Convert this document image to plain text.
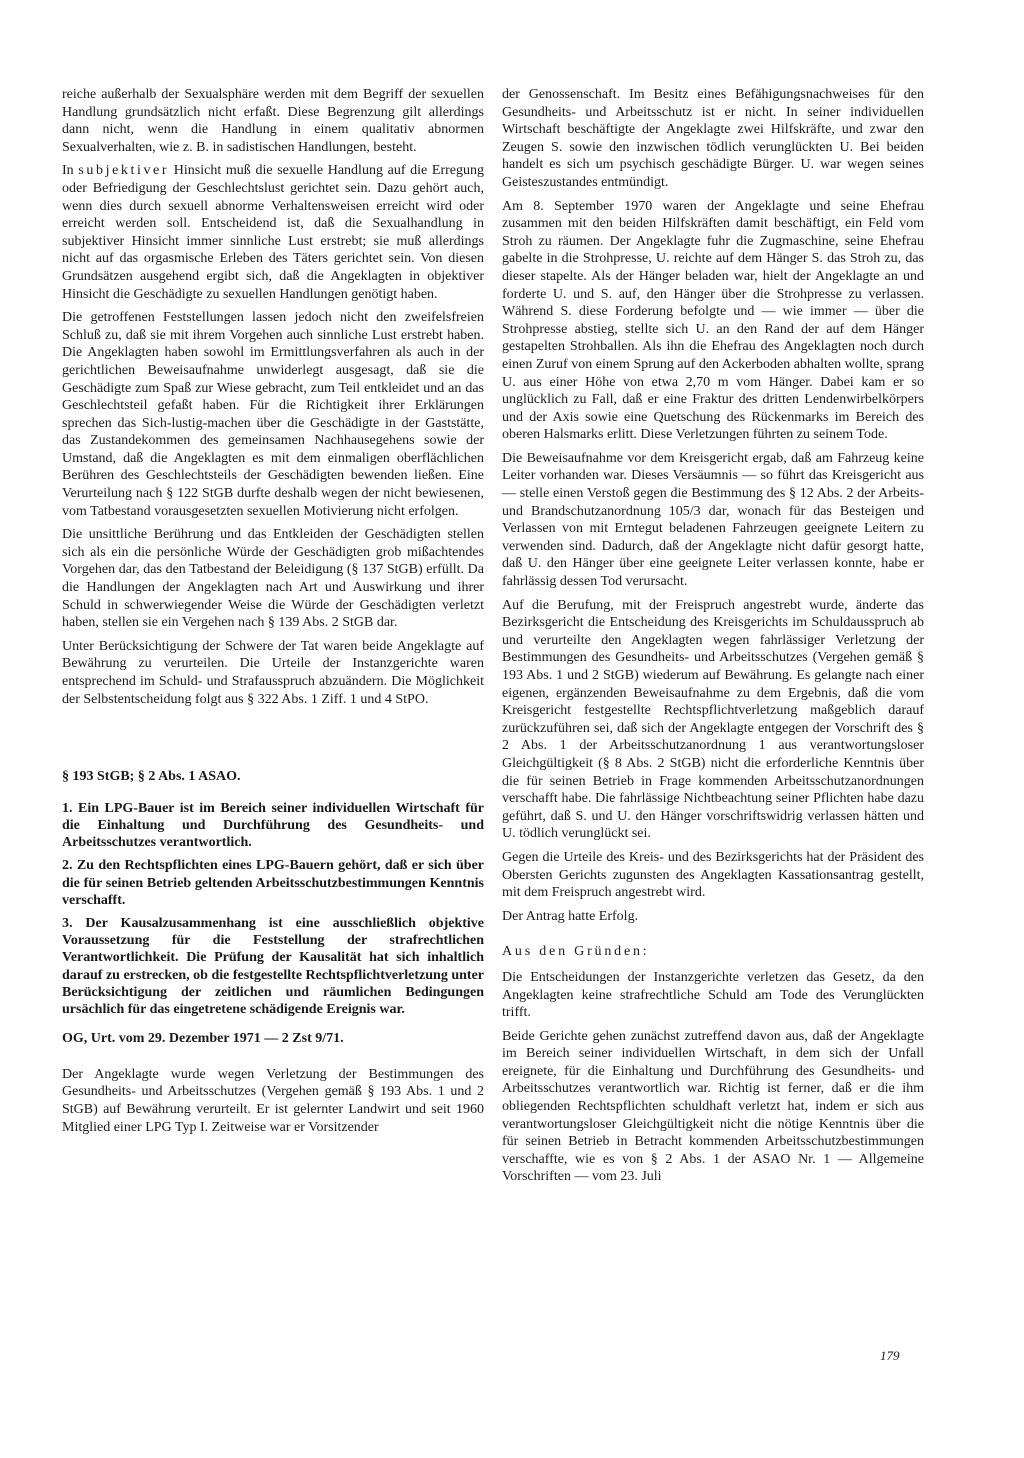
reiche außerhalb der Sexualsphäre werden mit dem Begriff der sexuellen Handlung grundsätzlich nicht erfaßt. Diese Begrenzung gilt allerdings dann nicht, wenn die Handlung in einem qualitativ abnormen Sexualverhalten, wie z. B. in sadistischen Handlungen, besteht.

In subjektiver Hinsicht muß die sexuelle Handlung auf die Erregung oder Befriedigung der Geschlechtslust gerichtet sein. Dazu gehört auch, wenn dies durch sexuell abnorme Verhaltensweisen erreicht wird oder erreicht werden soll. Entscheidend ist, daß die Sexualhandlung in subjektiver Hinsicht immer sinnliche Lust erstrebt; sie muß allerdings nicht auf das orgasmische Erleben des Täters gerichtet sein. Von diesen Grundsätzen ausgehend ergibt sich, daß die Angeklagten in objektiver Hinsicht die Geschädigte zu sexuellen Handlungen genötigt haben.

Die getroffenen Feststellungen lassen jedoch nicht den zweifelsfreien Schluß zu, daß sie mit ihrem Vorgehen auch sinnliche Lust erstrebt haben. Die Angeklagten haben sowohl im Ermittlungsverfahren als auch in der gerichtlichen Beweisaufnahme unwiderlegt ausgesagt, daß sie die Geschädigte zum Spaß zur Wiese gebracht, zum Teil entkleidet und an das Geschlechtsteil gefaßt haben. Für die Richtigkeit ihrer Erklärungen sprechen das Sich-lustig-machen über die Geschädigte in der Gaststätte, das Zustandekommen des gemeinsamen Nachhausegehens sowie der Umstand, daß die Angeklagten es mit dem einmaligen oberflächlichen Berühren des Geschlechtsteils der Geschädigten bewenden ließen. Eine Verurteilung nach § 122 StGB durfte deshalb wegen der nicht bewiesenen, vom Tatbestand vorausgesetzten sexuellen Motivierung nicht erfolgen.

Die unsittliche Berührung und das Entkleiden der Geschädigten stellen sich als ein die persönliche Würde der Geschädigten grob mißachtendes Vorgehen dar, das den Tatbestand der Beleidigung (§ 137 StGB) erfüllt. Da die Handlungen der Angeklagten nach Art und Auswirkung und ihrer Schuld in schwerwiegender Weise die Würde der Geschädigten verletzt haben, stellen sie ein Vergehen nach § 139 Abs. 2 StGB dar.

Unter Berücksichtigung der Schwere der Tat waren beide Angeklagte auf Bewährung zu verurteilen. Die Urteile der Instanzgerichte waren entsprechend im Schuld- und Strafausspruch abzuändern. Die Möglichkeit der Selbstentscheidung folgt aus § 322 Abs. 1 Ziff. 1 und 4 StPO.

§ 193 StGB; § 2 Abs. 1 ASAO.

1. Ein LPG-Bauer ist im Bereich seiner individuellen Wirtschaft für die Einhaltung und Durchführung des Gesundheits- und Arbeitsschutzes verantwortlich.

2. Zu den Rechtspflichten eines LPG-Bauern gehört, daß er sich über die für seinen Betrieb geltenden Arbeitsschutzbestimmungen Kenntnis verschafft.

3. Der Kausalzusammenhang ist eine ausschließlich objektive Voraussetzung für die Feststellung der strafrechtlichen Verantwortlichkeit. Die Prüfung der Kausalität hat sich inhaltlich darauf zu erstrecken, ob die festgestellte Rechtspflichtverletzung unter Berücksichtigung der zeitlichen und räumlichen Bedingungen ursächlich für das eingetretene schädigende Ereignis war.

OG, Urt. vom 29. Dezember 1971 — 2 Zst 9/71.

Der Angeklagte wurde wegen Verletzung der Bestimmungen des Gesundheits- und Arbeitsschutzes (Vergehen gemäß § 193 Abs. 1 und 2 StGB) auf Bewährung verurteilt. Er ist gelernter Landwirt und seit 1960 Mitglied einer LPG Typ I. Zeitweise war er Vorsitzender

der Genossenschaft. Im Besitz eines Befähigungsnachweises für den Gesundheits- und Arbeitsschutz ist er nicht. In seiner individuellen Wirtschaft beschäftigte der Angeklagte zwei Hilfskräfte, und zwar den Zeugen S. sowie den inzwischen tödlich verunglückten U. Bei beiden handelt es sich um psychisch geschädigte Bürger. U. war wegen seines Geisteszustandes entmündigt.

Am 8. September 1970 waren der Angeklagte und seine Ehefrau zusammen mit den beiden Hilfskräften damit beschäftigt, ein Feld vom Stroh zu räumen. Der Angeklagte fuhr die Zugmaschine, seine Ehefrau gabelte in die Strohpresse, U. reichte auf dem Hänger S. das Stroh zu, das dieser stapelte. Als der Hänger beladen war, hielt der Angeklagte an und forderte U. und S. auf, den Hänger über die Strohpresse zu verlassen. Während S. diese Forderung befolgte und — wie immer — über die Strohpresse abstieg, stellte sich U. an den Rand der auf dem Hänger gestapelten Strohballen. Als ihn die Ehefrau des Angeklagten noch durch einen Zuruf von einem Sprung auf den Ackerboden abhalten wollte, sprang U. aus einer Höhe von etwa 2,70 m vom Hänger. Dabei kam er so unglücklich zu Fall, daß er eine Fraktur des dritten Lendenwirbelkörpers und der Axis sowie eine Quetschung des Rückenmarks im Bereich des oberen Halsmarks erlitt. Diese Verletzungen führten zu seinem Tode.

Die Beweisaufnahme vor dem Kreisgericht ergab, daß am Fahrzeug keine Leiter vorhanden war. Dieses Versäumnis — so führt das Kreisgericht aus — stelle einen Verstoß gegen die Bestimmung des § 12 Abs. 2 der Arbeits- und Brandschutzanordnung 105/3 dar, wonach für das Besteigen und Verlassen von mit Erntegut beladenen Fahrzeugen geeignete Leitern zu verwenden sind. Dadurch, daß der Angeklagte nicht dafür gesorgt hatte, daß U. den Hänger über eine geeignete Leiter verlassen konnte, habe er fahrlässig dessen Tod verursacht.

Auf die Berufung, mit der Freispruch angestrebt wurde, änderte das Bezirksgericht die Entscheidung des Kreisgerichts im Schuldausspruch ab und verurteilte den Angeklagten wegen fahrlässiger Verletzung der Bestimmungen des Gesundheits- und Arbeitsschutzes (Vergehen gemäß § 193 Abs. 1 und 2 StGB) wiederum auf Bewährung. Es gelangte nach einer eigenen, ergänzenden Beweisaufnahme zu dem Ergebnis, daß die vom Kreisgericht festgestellte Rechtspflichtverletzung maßgeblich darauf zurückzuführen sei, daß sich der Angeklagte entgegen der Vorschrift des § 2 Abs. 1 der Arbeitsschutzanordnung 1 aus verantwortungsloser Gleichgültigkeit (§ 8 Abs. 2 StGB) nicht die erforderliche Kenntnis über die für seinen Betrieb in Frage kommenden Arbeitsschutzanordnungen verschafft habe. Die fahrlässige Nichtbeachtung seiner Pflichten habe dazu geführt, daß S. und U. den Hänger vorschriftswidrig verlassen hätten und U. tödlich verunglückt sei.

Gegen die Urteile des Kreis- und des Bezirksgerichts hat der Präsident des Obersten Gerichts zugunsten des Angeklagten Kassationsantrag gestellt, mit dem Freispruch angestrebt wird.

Der Antrag hatte Erfolg.

Aus den Gründen:

Die Entscheidungen der Instanzgerichte verletzen das Gesetz, da den Angeklagten keine strafrechtliche Schuld am Tode des Verunglückten trifft.

Beide Gerichte gehen zunächst zutreffend davon aus, daß der Angeklagte im Bereich seiner individuellen Wirtschaft, in dem sich der Unfall ereignete, für die Einhaltung und Durchführung des Gesundheits- und Arbeitsschutzes verantwortlich war. Richtig ist ferner, daß er die ihm obliegenden Rechtspflichten schuldhaft verletzt hat, indem er sich aus verantwortungsloser Gleichgültigkeit nicht die nötige Kenntnis über die für seinen Betrieb in Betracht kommenden Arbeitsschutzbestimmungen verschaffte, wie es von § 2 Abs. 1 der ASAO Nr. 1 — Allgemeine Vorschriften — vom 23. Juli

179
